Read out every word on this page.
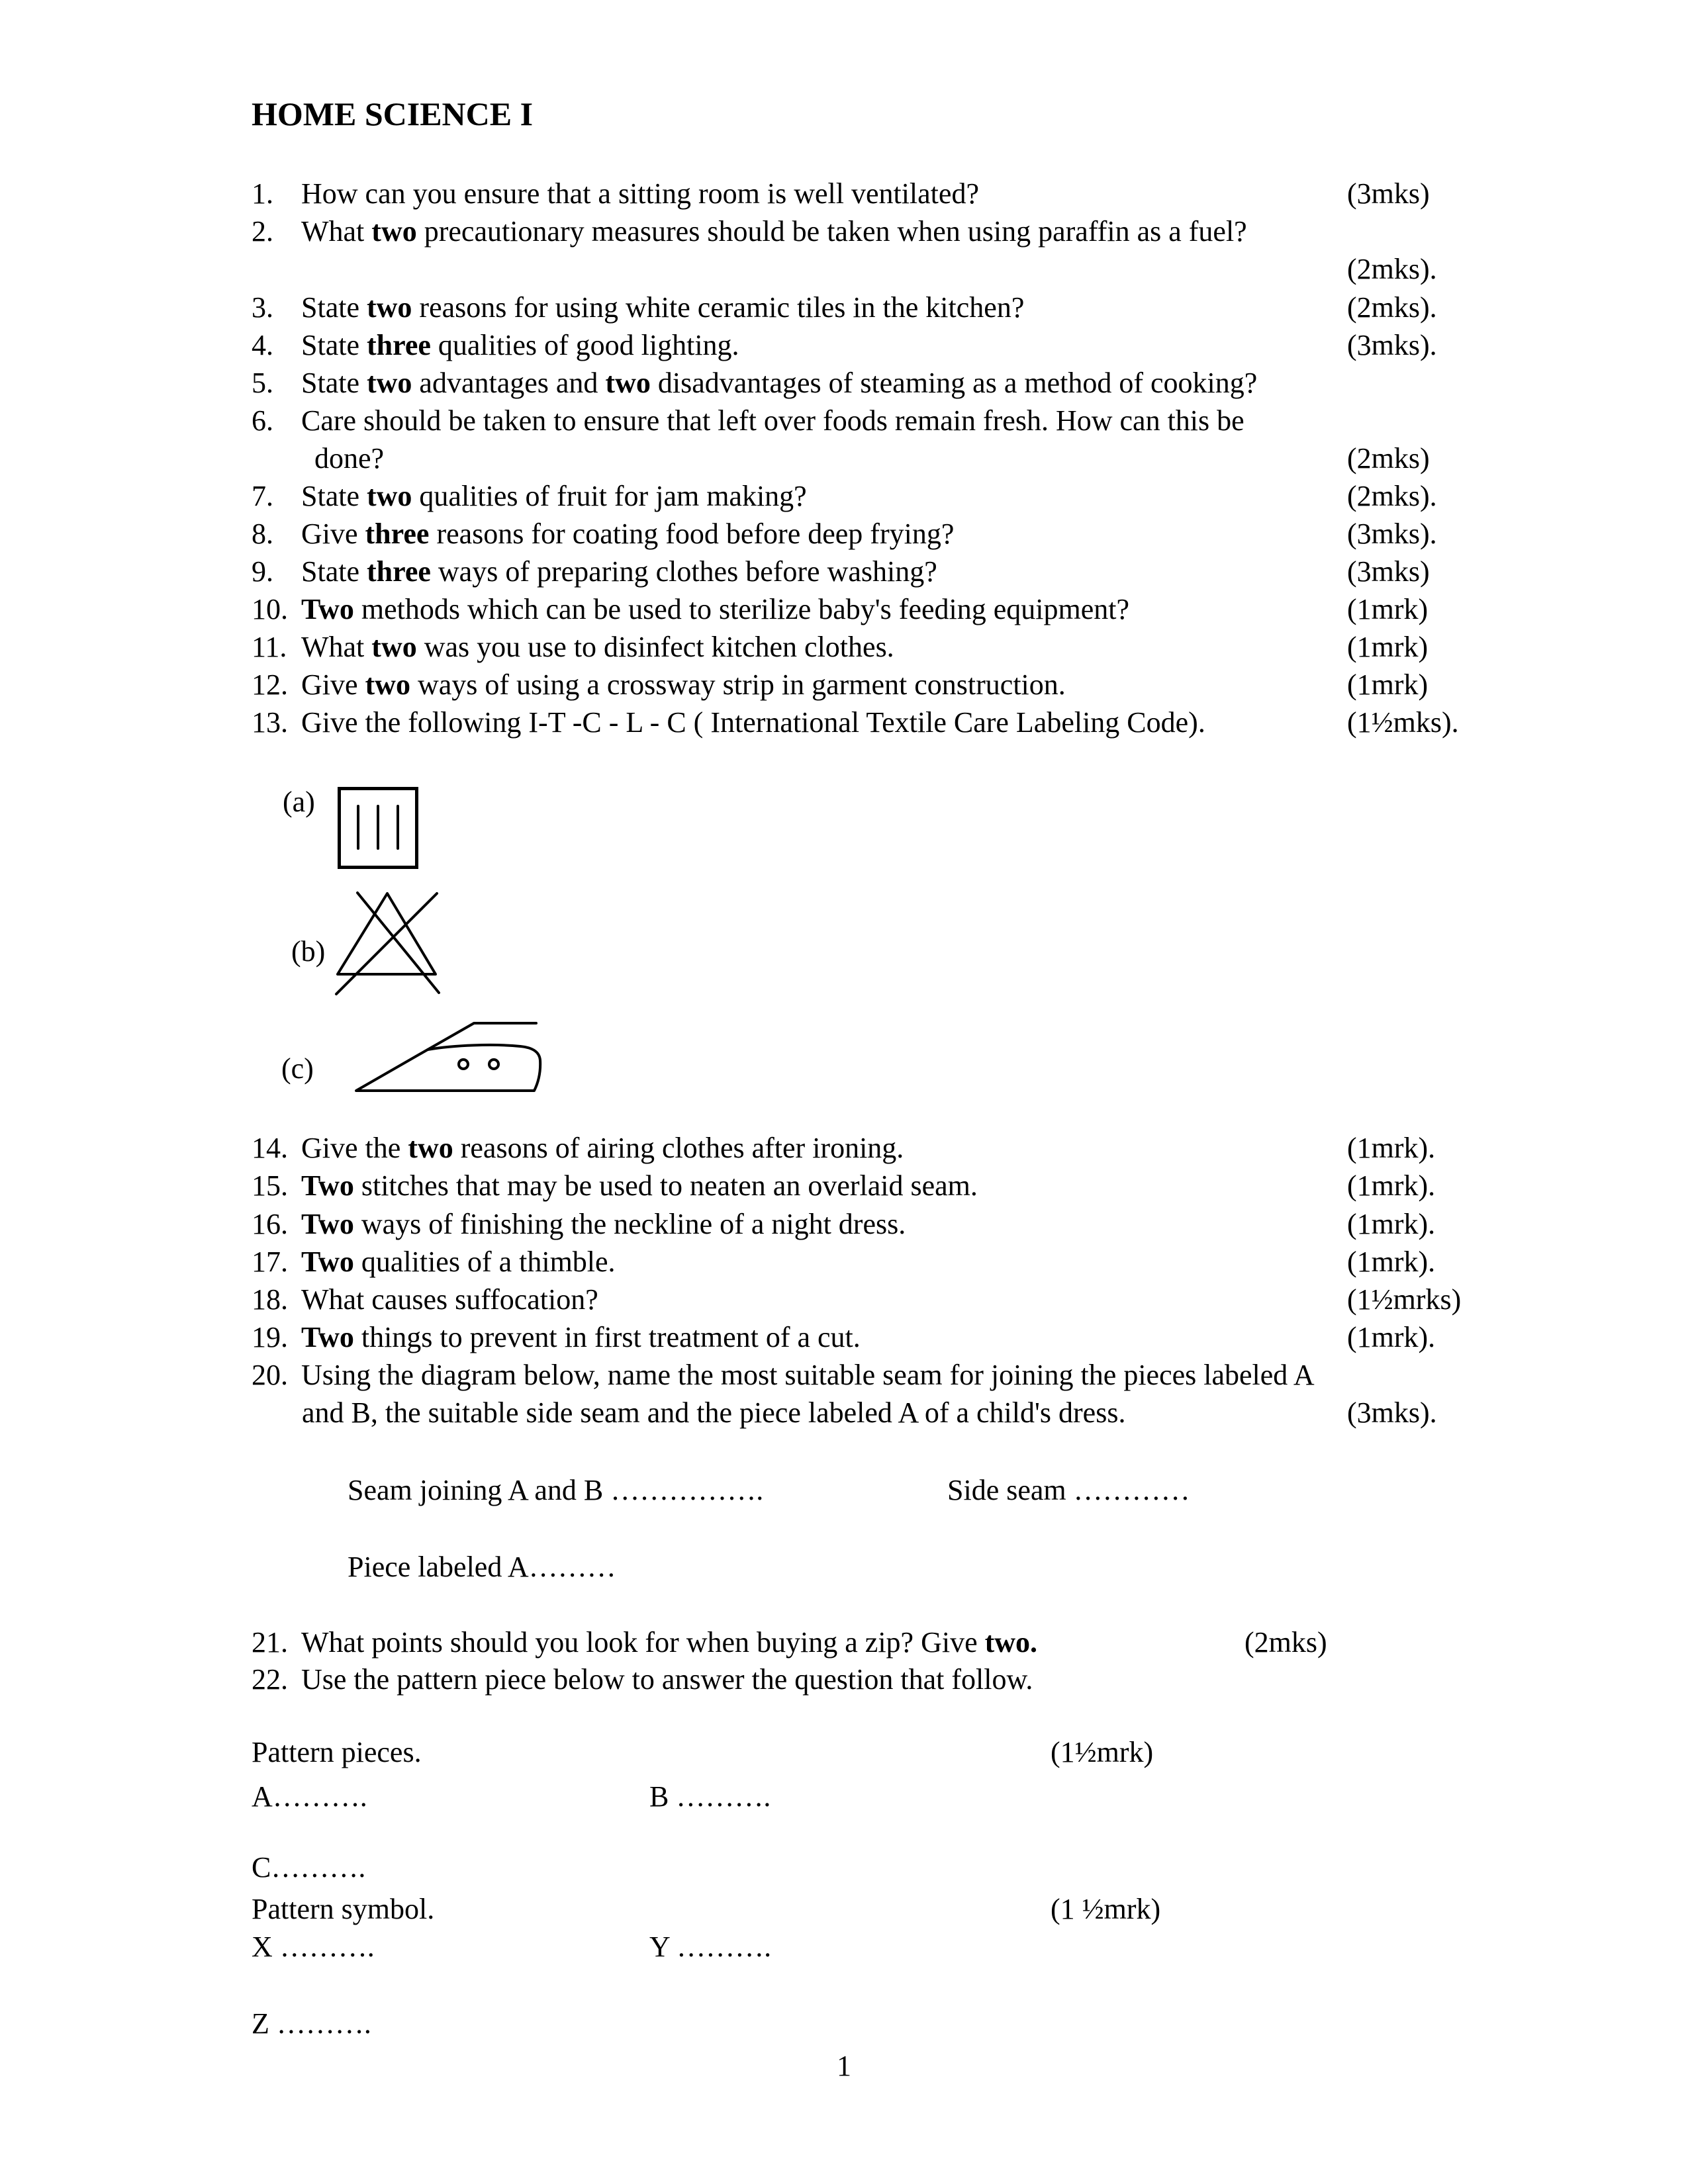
HOME SCIENCE I
1. How can you ensure that a sitting room is well ventilated?	(3mks)
2. What two precautionary measures should be taken when using paraffin as a fuel?
(2mks).
3. State two reasons for using white ceramic tiles in the kitchen?	(2mks).
4. State three qualities of good lighting.	(3mks).
5. State two advantages and two disadvantages of steaming as a method of cooking?
6. Care should be taken to ensure that left over foods remain fresh. How can this be
done?	(2mks)
7. State two qualities of fruit for jam making?	(2mks).
8. Give three reasons for coating food before deep frying?	(3mks).
9. State three ways of preparing clothes before washing?	(3mks)
10. Two methods which can be used to sterilize baby's feeding equipment?	(1mrk)
11. What two was you use to disinfect kitchen clothes.	(1mrk)
12. Give two ways of using a crossway strip in garment construction.	(1mrk)
13. Give the following I-T -C - L - C ( International Textile Care Labeling Code).	(1½mks).
(a)
(b)
(c)
14. Give the two reasons of airing clothes after ironing.	(1mrk).
15. Two stitches that may be used to neaten an overlaid seam.	(1mrk).
16. Two ways of finishing the neckline of a night dress.	(1mrk).
17. Two qualities of a thimble.	(1mrk).
18. What causes suffocation?	(1½mrks)
19. Two things to prevent in first treatment of a cut.	(1mrk).
20. Using the diagram below, name the most suitable seam for joining the pieces labeled A
and B, the suitable side seam and the piece labeled A of a child's dress.	(3mks).
Seam joining A and B …………….	Side seam …………
Piece labeled A………
21. What points should you look for when buying a zip? Give two.	(2mks)
22. Use the pattern piece below to answer the question that follow.
Pattern pieces.	(1½mrk)
A……….	B ……….
C……….
Pattern symbol.	(1 ½mrk)
X ……….	Y ……….
Z ……….
1
